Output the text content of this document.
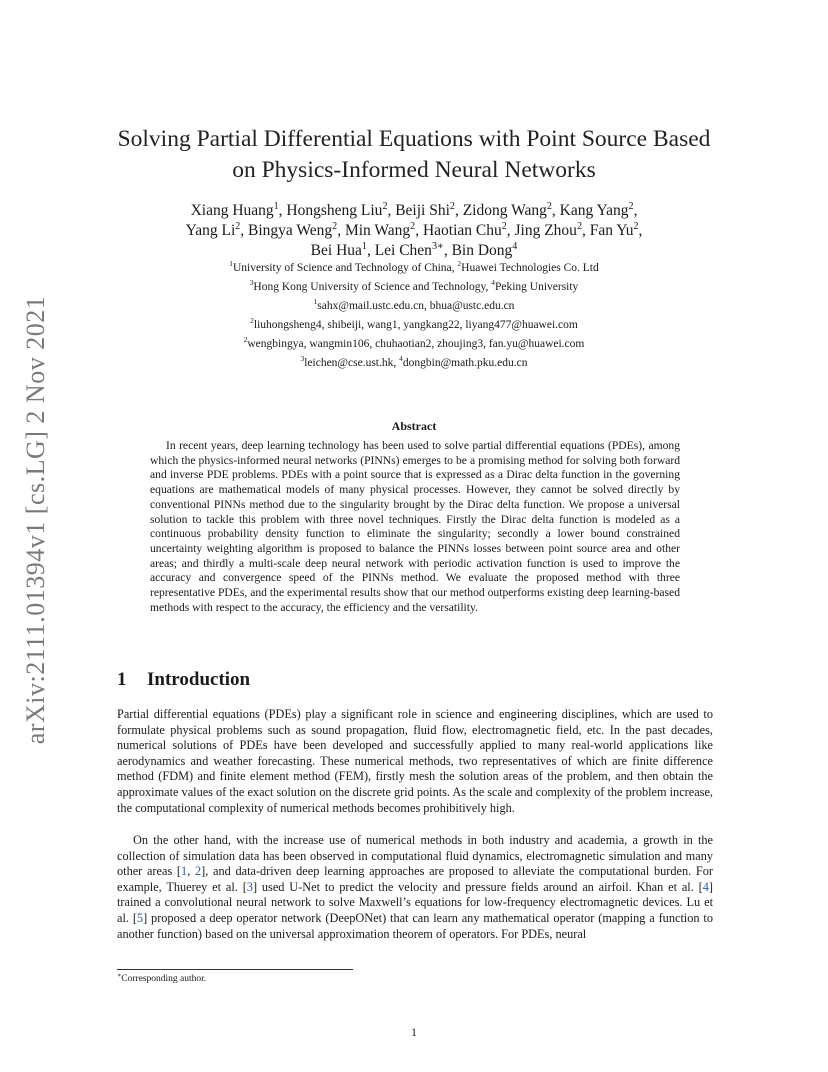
arXiv:2111.01394v1 [cs.LG] 2 Nov 2021
Solving Partial Differential Equations with Point Source Based
on Physics-Informed Neural Networks
Xiang Huang$^1$, Hongsheng Liu$^2$, Beiji Shi$^2$, Zidong Wang$^2$, Kang Yang$^2$,
Yang Li$^2$, Bingya Weng$^2$, Min Wang$^2$, Haotian Chu$^2$, Jing Zhou$^2$, Fan Yu$^2$,
Bei Hua$^1$, Lei Chen$^{3∗}$, Bin Dong$^4$
$^1$University of Science and Technology of China, $^2$Huawei Technologies Co. Ltd
$^3$Hong Kong University of Science and Technology, $^4$Peking University
$^1$sahx@mail.ustc.edu.cn, bhua@ustc.edu.cn
$^2$liuhongsheng4, shibeiji, wang1, yangkang22, liyang477@huawei.com
$^2$wengbingya, wangmin106, chuhaotian2, zhoujing3, fan.yu@huawei.com
$^3$leichen@cse.ust.hk, $^4$dongbin@math.pku.edu.cn
Abstract
In recent years, deep learning technology has been used to solve partial differential equations (PDEs), among which the physics-informed neural networks (PINNs) emerges to be a promising method for solving both forward and inverse PDE problems. PDEs with a point source that is expressed as a Dirac delta function in the governing equations are mathematical models of many physical processes. However, they cannot be solved directly by conventional PINNs method due to the singularity brought by the Dirac delta function. We propose a universal solution to tackle this problem with three novel techniques. Firstly the Dirac delta function is modeled as a continuous probability density function to eliminate the singularity; secondly a lower bound constrained uncertainty weighting algorithm is proposed to balance the PINNs losses between point source area and other areas; and thirdly a multi-scale deep neural network with periodic activation function is used to improve the accuracy and convergence speed of the PINNs method. We evaluate the proposed method with three representative PDEs, and the experimental results show that our method outperforms existing deep learning-based methods with respect to the accuracy, the efficiency and the versatility.
1 Introduction
Partial differential equations (PDEs) play a significant role in science and engineering disciplines, which are used to formulate physical problems such as sound propagation, fluid flow, electromagnetic field, etc. In the past decades, numerical solutions of PDEs have been developed and successfully applied to many real-world applications like aerodynamics and weather forecasting. These numerical methods, two representatives of which are finite difference method (FDM) and finite element method (FEM), firstly mesh the solution areas of the problem, and then obtain the approximate values of the exact solution on the discrete grid points. As the scale and complexity of the problem increase, the computational complexity of numerical methods becomes prohibitively high.
On the other hand, with the increase use of numerical methods in both industry and academia, a growth in the collection of simulation data has been observed in computational fluid dynamics, electromagnetic simulation and many other areas [1, 2], and data-driven deep learning approaches are proposed to alleviate the computational burden. For example, Thuerey et al. [3] used U-Net to predict the velocity and pressure fields around an airfoil. Khan et al. [4] trained a convolutional neural network to solve Maxwell’s equations for low-frequency electromagnetic devices. Lu et al. [5] proposed a deep operator network (DeepONet) that can learn any mathematical operator (mapping a function to another function) based on the universal approximation theorem of operators. For PDEs, neural
∗Corresponding author.
1
